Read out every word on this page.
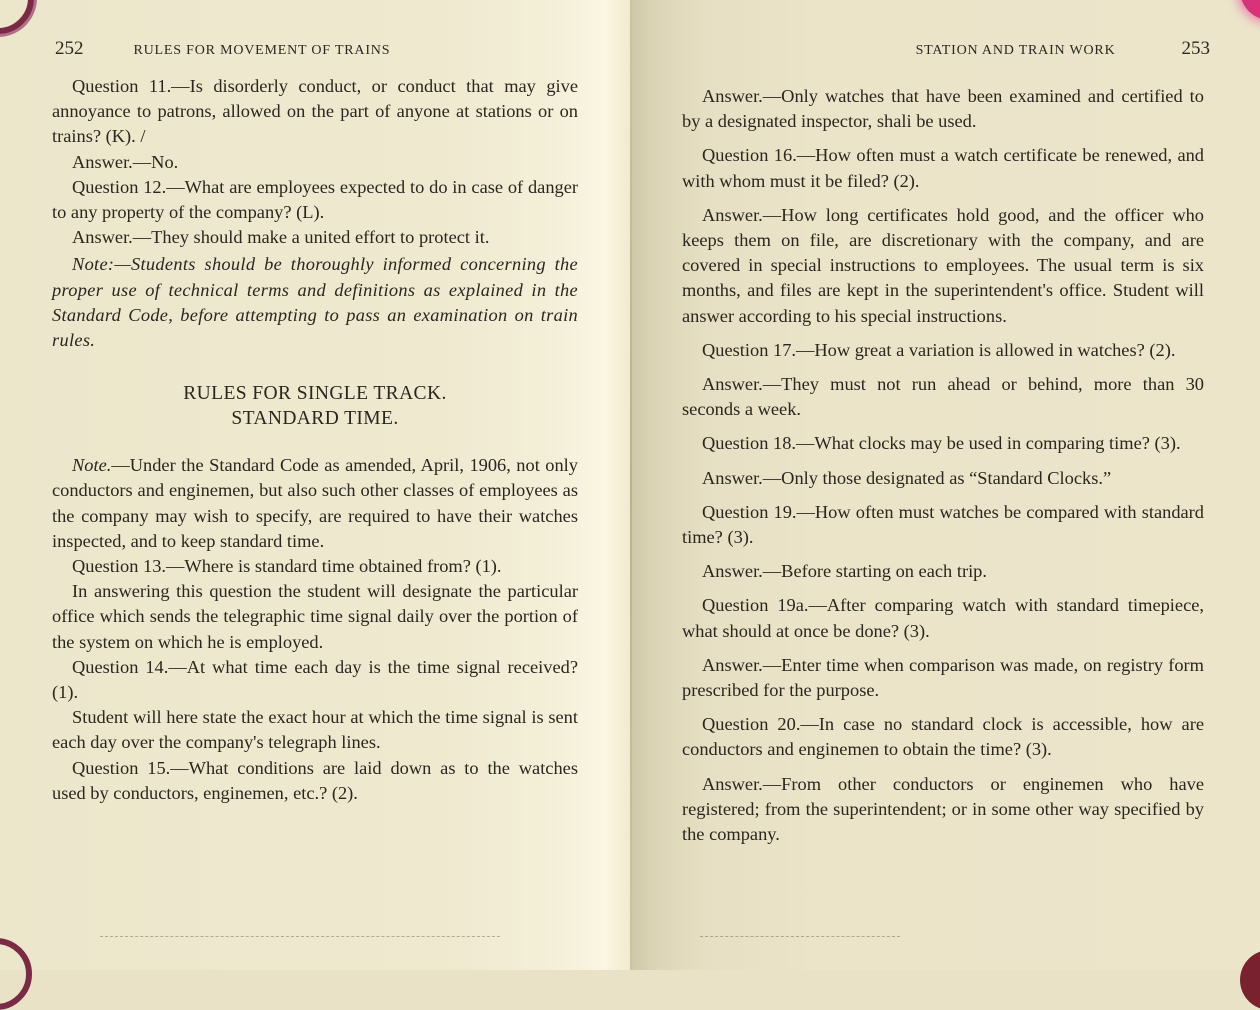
252	RULES FOR MOVEMENT OF TRAINS

Question 11.—Is disorderly conduct, or conduct that may give annoyance to patrons, allowed on the part of anyone at stations or on trains? (K). /

Answer.—No.

Question 12.—What are employees expected to do in case of danger to any property of the company? (L).

Answer.—They should make a united effort to protect it.

Note:—Students should be thoroughly informed concerning the proper use of technical terms and definitions as explained in the Standard Code, before attempting to pass an examination on train rules.

RULES FOR SINGLE TRACK.
STANDARD TIME.

Note.—Under the Standard Code as amended, April, 1906, not only conductors and enginemen, but also such other classes of employees as the company may wish to specify, are required to have their watches inspected, and to keep standard time.

Question 13.—Where is standard time obtained from? (1).

In answering this question the student will designate the particular office which sends the telegraphic time signal daily over the portion of the system on which he is employed.

Question 14.—At what time each day is the time signal received? (1).

Student will here state the exact hour at which the time signal is sent each day over the company's telegraph lines.

Question 15.—What conditions are laid down as to the watches used by conductors, enginemen, etc.? (2).

STATION AND TRAIN WORK	253

Answer.—Only watches that have been examined and certified to by a designated inspector, shali be used.

Question 16.—How often must a watch certificate be renewed, and with whom must it be filed? (2).

Answer.—How long certificates hold good, and the officer who keeps them on file, are discretionary with the company, and are covered in special instructions to employees. The usual term is six months, and files are kept in the superintendent's office. Student will answer according to his special instructions.

Question 17.—How great a variation is allowed in watches? (2).

Answer.—They must not run ahead or behind, more than 30 seconds a week.

Question 18.—What clocks may be used in comparing time? (3).

Answer.—Only those designated as “Standard Clocks.”

Question 19.—How often must watches be compared with standard time? (3).

Answer.—Before starting on each trip.

Question 19a.—After comparing watch with standard timepiece, what should at once be done? (3).

Answer.—Enter time when comparison was made, on registry form prescribed for the purpose.

Question 20.—In case no standard clock is accessible, how are conductors and enginemen to obtain the time? (3).

Answer.—From other conductors or enginemen who have registered; from the superintendent; or in some other way specified by the company.
